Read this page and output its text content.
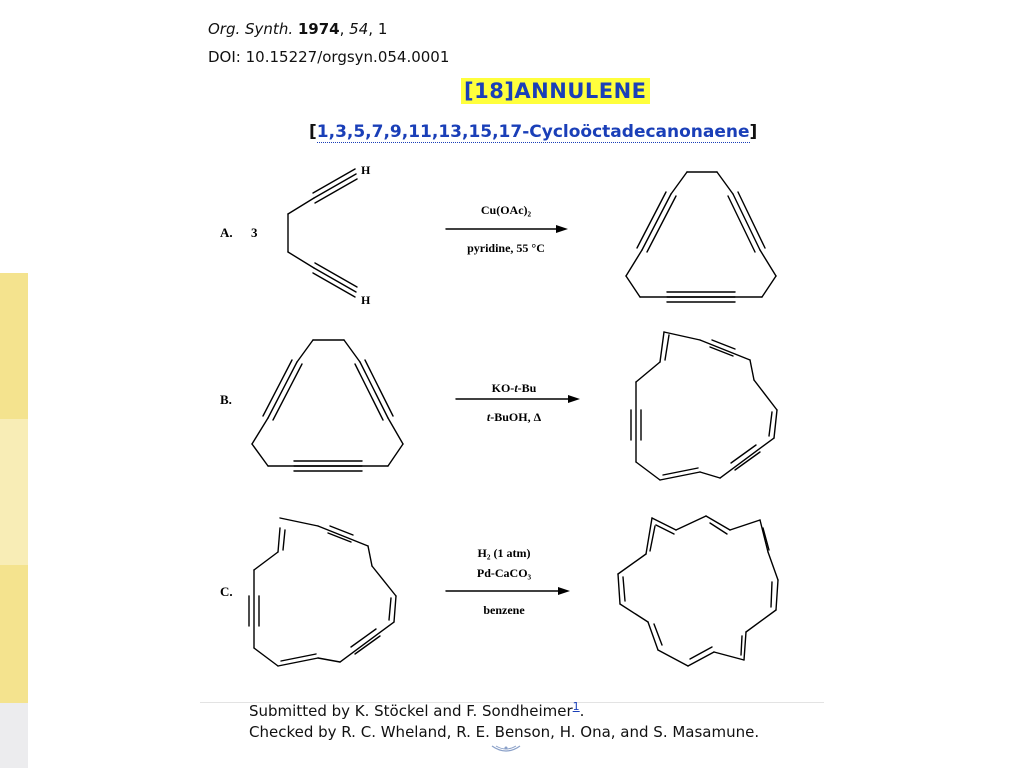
Org. Synth. 1974, 54, 1
DOI: 10.15227/orgsyn.054.0001
[18]ANNULENE
[1,3,5,7,9,11,13,15,17-Cycloöctadecanonaene]
A. 3
H
H
Cu(OAc)₂
pyridine, 55 °C
B.
KO-t-Bu
t-BuOH, Δ
C.
H₂ (1 atm)
Pd-CaCO₃
benzene
Submitted by K. Stöckel and F. Sondheimer$^1$.
Checked by R. C. Wheland, R. E. Benson, H. Ona, and S. Masamune.
